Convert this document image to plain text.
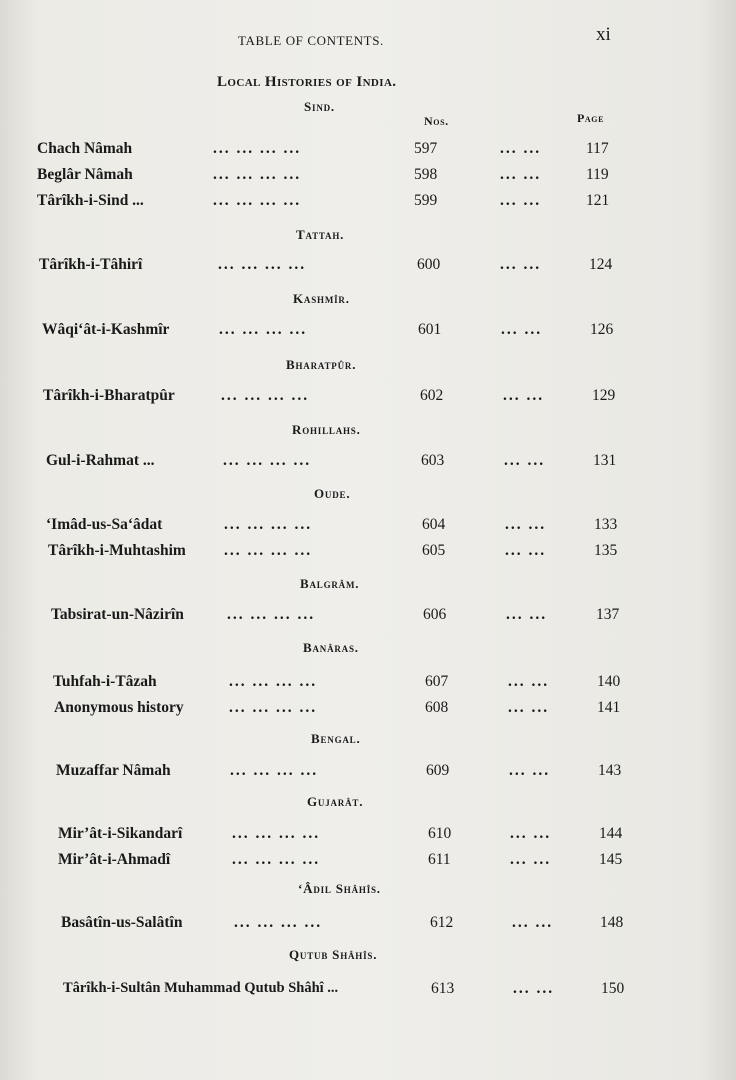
TABLE OF CONTENTS.	xi
Local Histories of India.
Nos.	Page
Sind.
Chach Nâmah	... ... ... ...	597	... ...	117
Beglâr Nâmah	... ... ... ...	598	... ...	119
Târîkh-i-Sind ...	... ... ... ...	599	... ...	121
Tattah.
Târîkh-i-Tâhirî	... ... ... ...	600	... ...	124
Kashmîr.
Wâqi‘ât-i-Kashmîr	... ... ... ...	601	... ...	126
Bharatpûr.
Târîkh-i-Bharatpûr	... ... ... ...	602	... ...	129
Rohillahs.
Gul-i-Rahmat ...	... ... ... ...	603	... ...	131
Oude.
‘Imâd-us-Sa‘âdat	... ... ... ...	604	... ...	133
Târîkh-i-Muhtashim ... ... ... ...	605	... ...	135
Balgrâm.
Tabsirat-un-Nâzirîn	... ... ... ...	606	... ...	137
Banâras.
Tuhfah-i-Tâzah	... ... ... ...	607	... ...	140
Anonymous history	... ... ... ...	608	... ...	141
Bengal.
Muzaffar Nâmah	... ... ... ...	609	... ...	143
Gujarât.
Mir’ât-i-Sikandarî	... ... ... ...	610	... ...	144
Mir’ât-i-Ahmadî	... ... ... ...	611	... ...	145
‘Âdil Shâhîs.
Basâtîn-us-Salâtîn	... ... ... ...	612	... ...	148
Qutub Shâhîs.
Târîkh-i-Sultân Muhammad Qutub Shâhî ...	613	... ...	150
